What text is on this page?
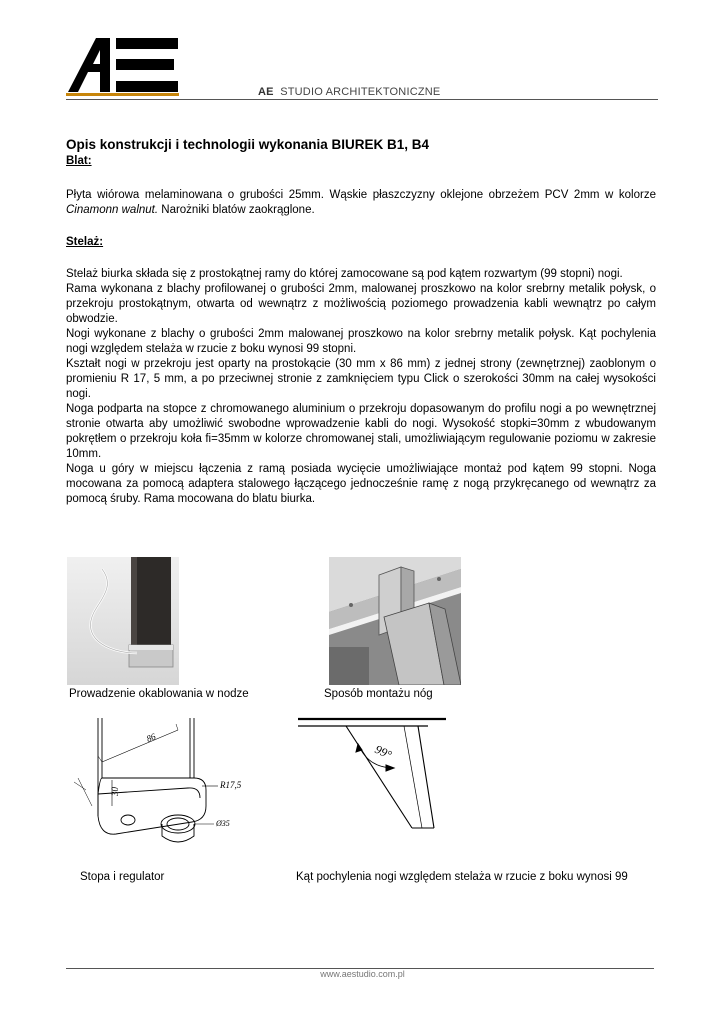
AE STUDIO ARCHITEKTONICZNE
Opis konstrukcji i technologii wykonania BIUREK B1, B4
Blat:
Płyta wiórowa melaminowana o grubości 25mm. Wąskie płaszczyzny oklejone obrzeżem PCV 2mm w kolorze Cinamonn walnut. Narożniki blatów zaokrąglone.
Stelaż:
Stelaż biurka składa się z prostokątnej ramy do której zamocowane są pod kątem rozwartym (99 stopni) nogi.
Rama wykonana z blachy profilowanej o grubości 2mm, malowanej proszkowo na kolor srebrny metalik połysk, o przekroju prostokątnym, otwarta od wewnątrz z możliwością poziomego prowadzenia kabli wewnątrz po całym obwodzie.
Nogi wykonane z blachy o grubości 2mm malowanej proszkowo na kolor srebrny metalik połysk. Kąt pochylenia nogi względem stelaża w rzucie z boku wynosi 99 stopni.
Kształt nogi w przekroju jest oparty na prostokącie (30 mm x 86 mm) z jednej strony (zewnętrznej) zaoblonym o promieniu R 17, 5 mm, a po przeciwnej stronie z zamknięciem typu Click o szerokości 30mm na całej wysokości nogi.
Noga podparta na stopce z chromowanego aluminium o przekroju dopasowanym do profilu nogi a po wewnętrznej stronie otwarta aby umożliwić swobodne wprowadzenie kabli do nogi. Wysokość stopki=30mm z wbudowanym pokrętłem o przekroju koła fi=35mm w kolorze chromowanej stali, umożliwiającym regulowanie poziomu w zakresie 10mm.
Noga u góry w miejscu łączenia z ramą posiada wycięcie umożliwiające montaż pod kątem 99 stopni. Noga mocowana za pomocą adaptera stalowego łączącego jednocześnie ramę z nogą przykręcanego od wewnątrz za pomocą śruby. Rama mocowana do blatu biurka.
Prowadzenie okablowania w nodze	Sposób montażu nóg
86
30
R17,5
Ø35
99°
Stopa i regulator	Kąt pochylenia nogi względem stelaża w rzucie z boku wynosi 99
www.aestudio.com.pl
